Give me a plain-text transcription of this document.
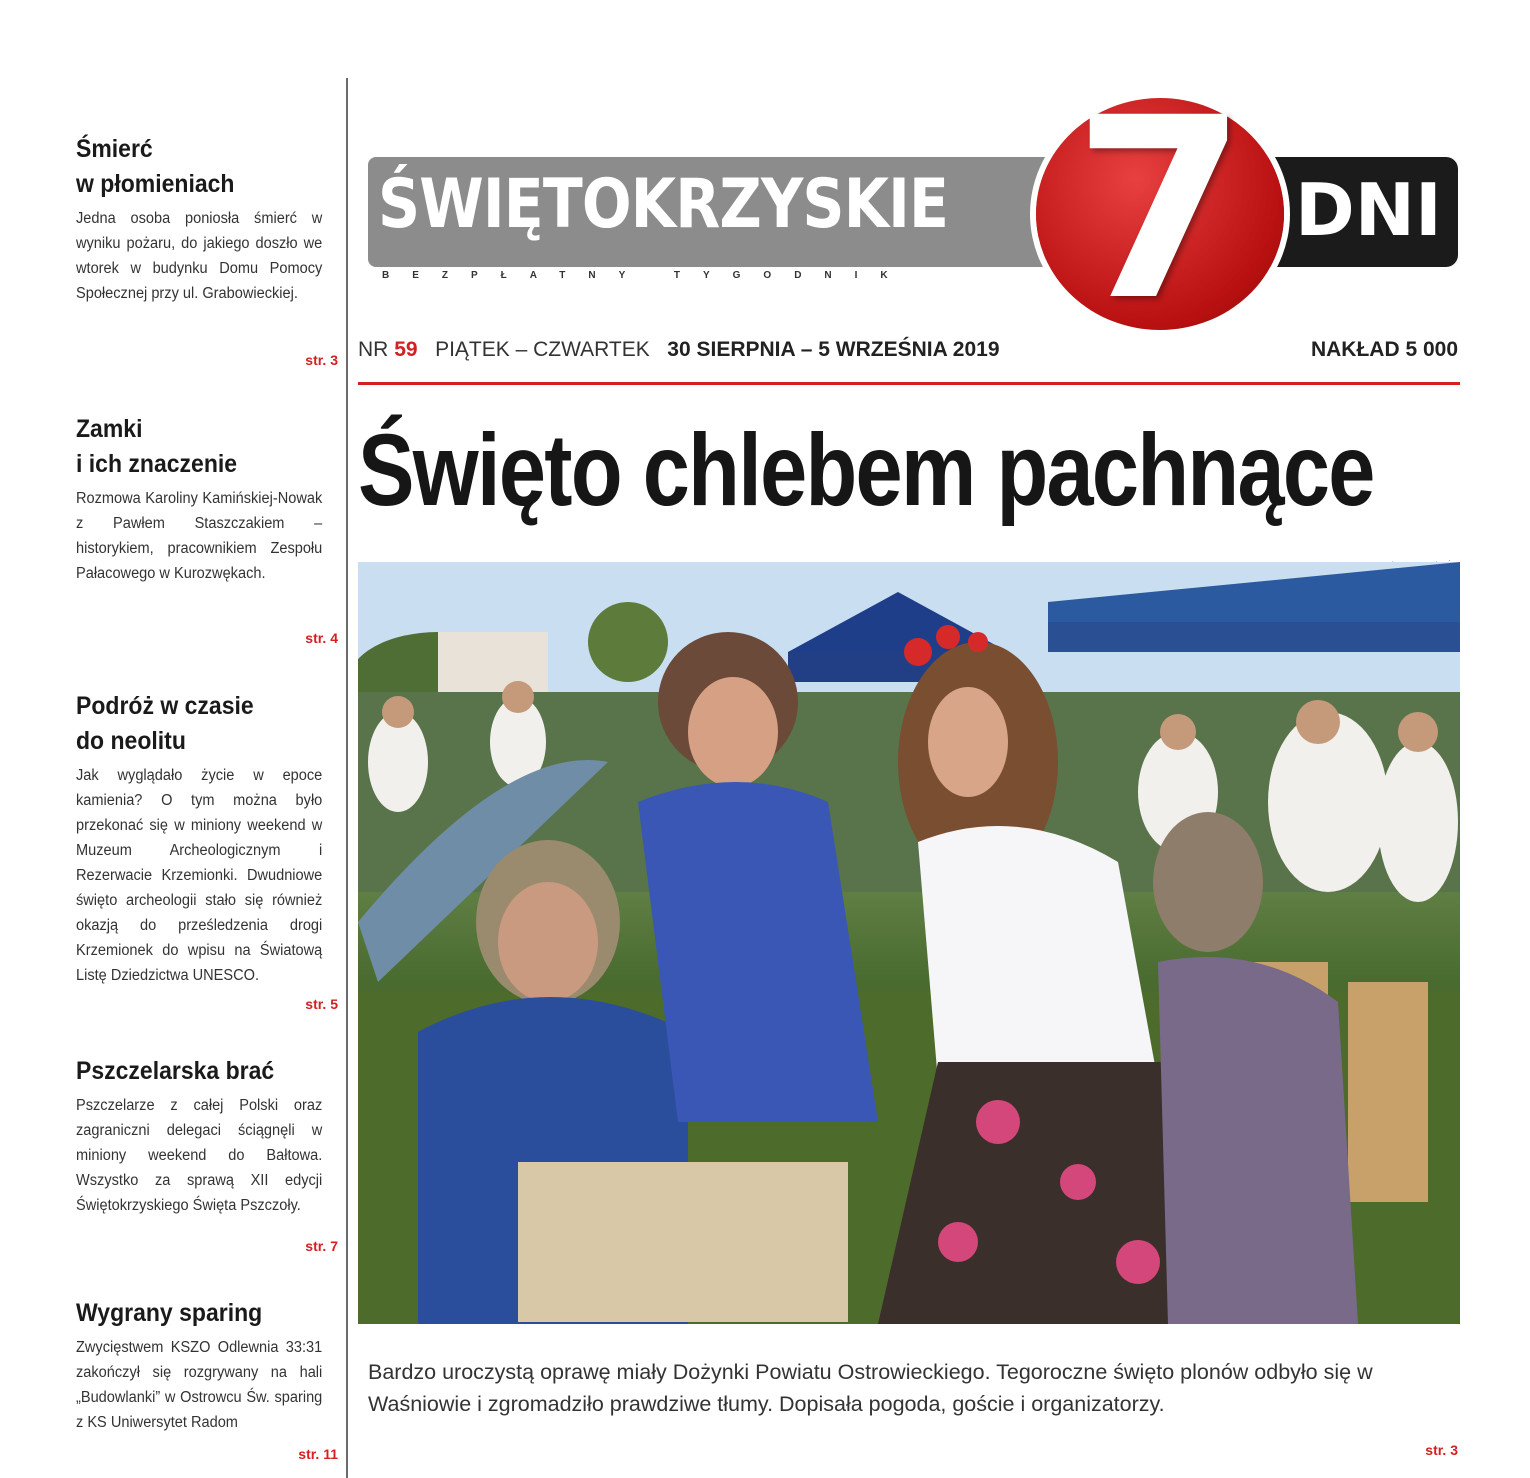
Śmierć
w płomieniach
Jedna osoba poniosła śmierć w wyniku pożaru, do jakiego doszło we wtorek w budynku Domu Pomocy Społecznej przy ul. Grabowieckiej.
str. 3
Zamki
i ich znaczenie
Rozmowa Karoliny Kamińskiej-Nowak z Pawłem Staszczakiem – historykiem, pracownikiem Zespołu Pałacowego w Kurozwękach.
str. 4
Podróż w czasie
do neolitu
Jak wyglądało życie w epoce kamienia? O tym można było przekonać się w miniony weekend w Muzeum Archeologicznym i Rezerwacie Krzemionki. Dwudniowe święto archeologii stało się również okazją do prześledzenia drogi Krzemionek do wpisu na Światową Listę Dziedzictwa UNESCO.
str. 5
Pszczelarska brać
Pszczelarze z całej Polski oraz zagraniczni delegaci ściągnęli w miniony weekend do Bałtowa. Wszystko za sprawą XII edycji Świętokrzyskiego Święta Pszczoły.
str. 7
Wygrany sparing
Zwycięstwem KSZO Odlewnia 33:31 zakończył się rozgrywany na hali „Budowlanki” w Ostrowcu Św. sparing z KS Uniwersytet Radom
str. 11
ŚWIĘTOKRZYSKIE
BEZPŁATNY TYGODNIK
DNI
7
NR 59 PIĄTEK – CZWARTEK 30 SIERPNIA – 5 WRZEŚNIA 2019	NAKŁAD 5 000
Święto chlebem pachnące
Bardzo uroczystą oprawę miały Dożynki Powiatu Ostrowieckiego. Tegoroczne święto plonów odbyło się w Waśniowie i zgromadziło prawdziwe tłumy. Dopisała pogoda, goście i organizatorzy.
str. 3
